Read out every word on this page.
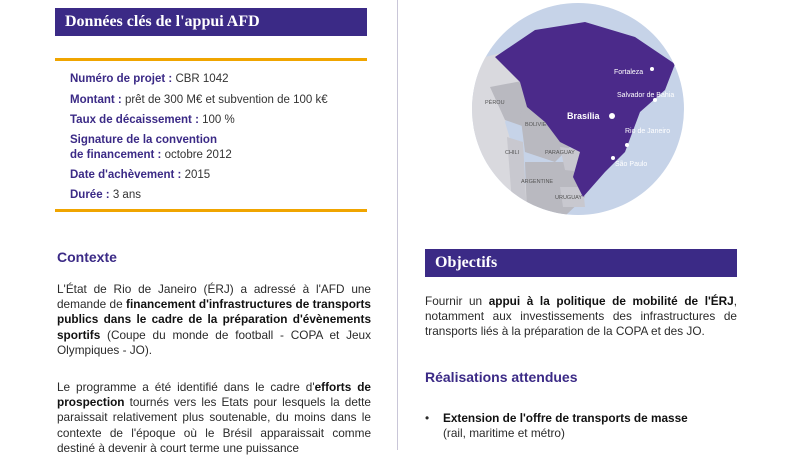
Données clés de l'appui AFD
Numéro de projet : CBR 1042
Montant : prêt de 300 M€ et subvention de 100 k€
Taux de décaissement : 100 %
Signature de la convention
de financement : octobre 2012
Date d'achèvement : 2015
Durée : 3 ans
Contexte
L'État de Rio de Janeiro (ÉRJ) a adressé à l'AFD une demande de financement d'infrastructures de transports publics dans le cadre de la préparation d'évènements sportifs (Coupe du monde de football - COPA et Jeux Olympiques - JO).
Le programme a été identifié dans le cadre d'efforts de prospection tournés vers les Etats pour lesquels la dette paraissait relativement plus soutenable, du moins dans le contexte de l'époque où le Brésil apparaissait comme destiné à devenir à court terme une puissance
Fortaleza
Salvador de Bahia
Brasília
Rio de Janeiro
São Paulo
PÉROU
BOLIVIE
CHILI	PARAGUAY
ARGENTINE
URUGUAY
Objectifs
Fournir un appui à la politique de mobilité de l'ÉRJ, notamment aux investissements des infrastructures de transports liés à la préparation de la COPA et des JO.
Réalisations attendues
• Extension de l'offre de transports de masse
(rail, maritime et métro)
